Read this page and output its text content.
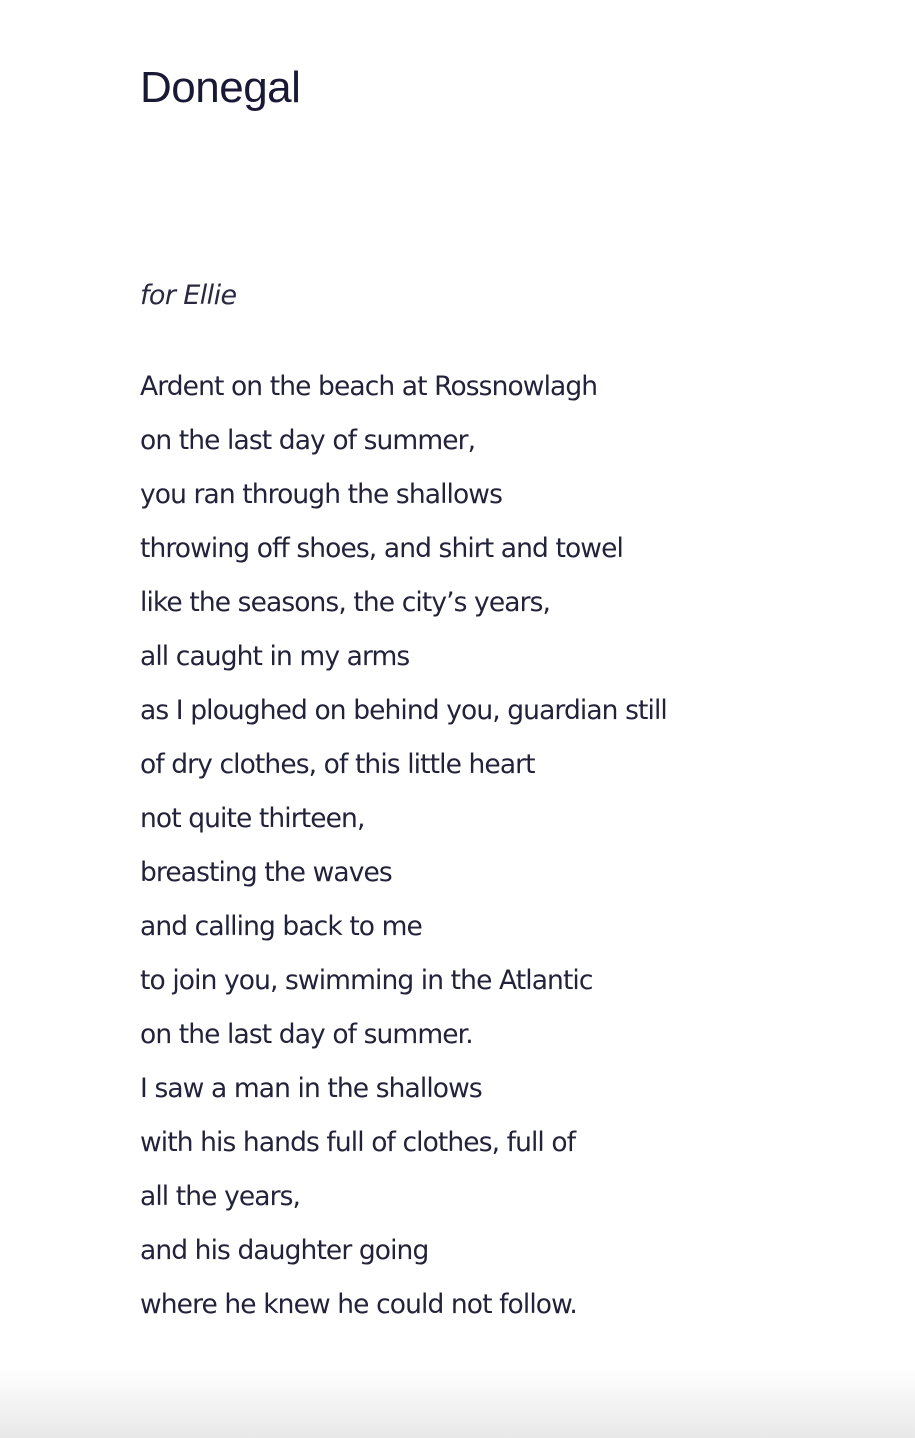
Donegal

for Ellie

Ardent on the beach at Rossnowlagh
on the last day of summer,
you ran through the shallows
throwing off shoes, and shirt and towel
like the seasons, the city’s years,
all caught in my arms
as I ploughed on behind you, guardian still
of dry clothes, of this little heart
not quite thirteen,
breasting the waves
and calling back to me
to join you, swimming in the Atlantic
on the last day of summer.
I saw a man in the shallows
with his hands full of clothes, full of
all the years,
and his daughter going
where he knew he could not follow.
